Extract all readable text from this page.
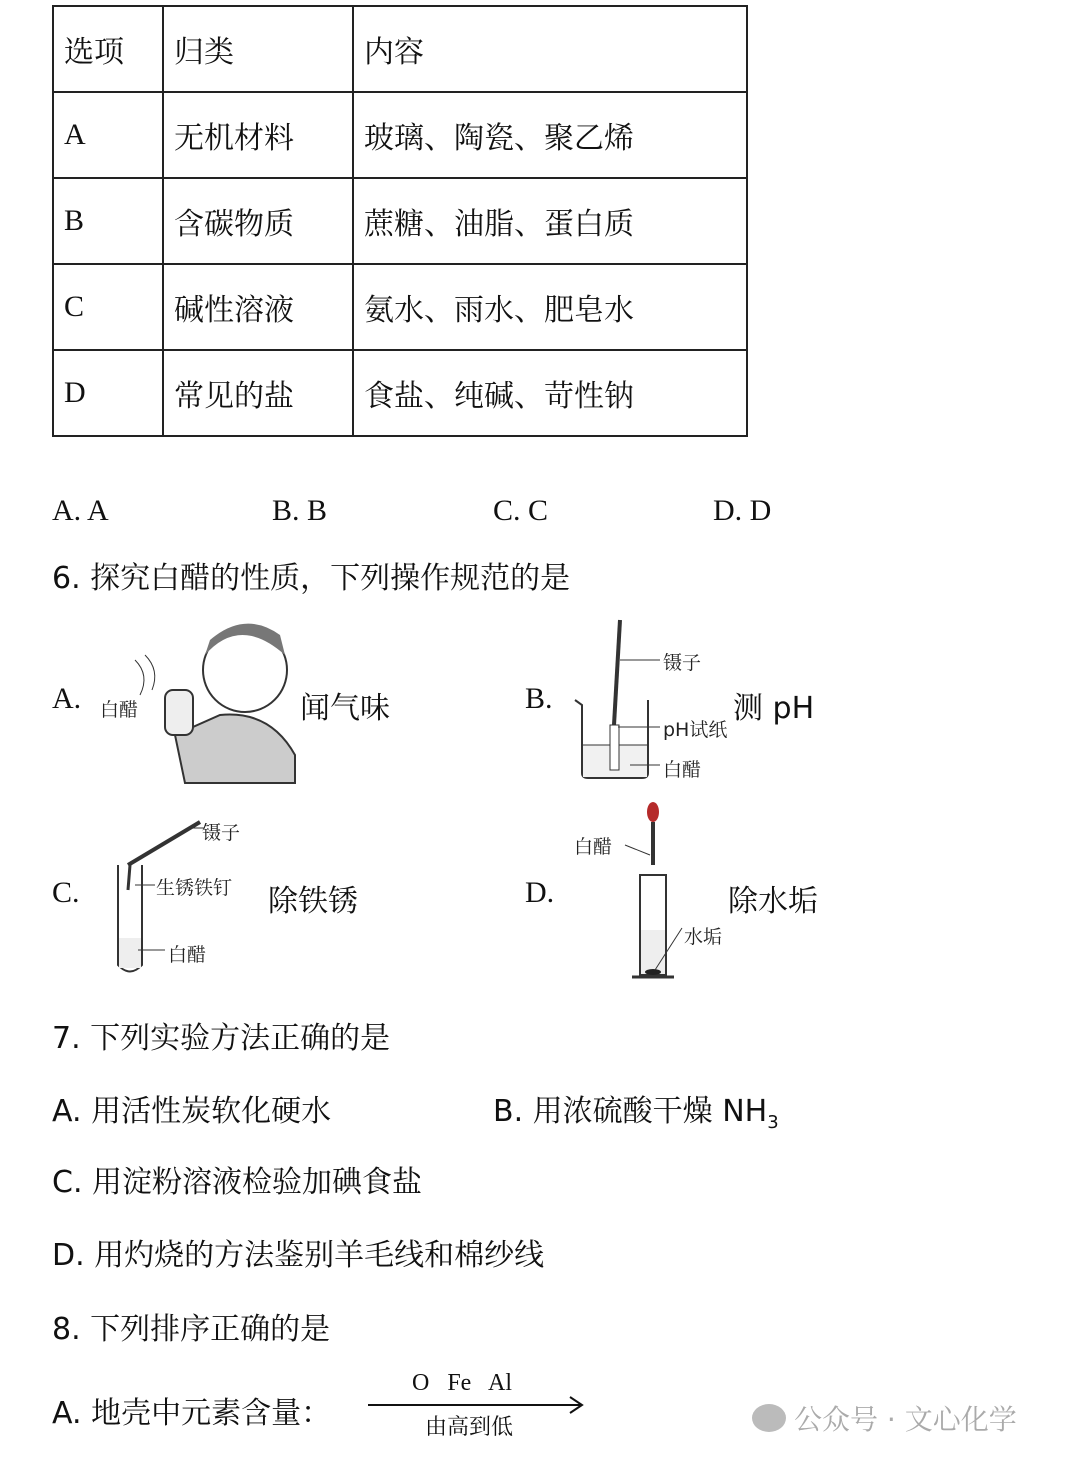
选项	归类	内容
A	无机材料	玻璃、陶瓷、聚乙烯
B	含碳物质	蔗糖、油脂、蛋白质
C	碱性溶液	氨水、雨水、肥皂水
D	常见的盐	食盐、纯碱、苛性钠
A. A	B. B	C. C	D. D
6. 探究白醋的性质，下列操作规范的是
A. 白醋	闻气味	B.
镊子
pH试纸
白醋
测 pH
C.
镊子
生锈铁钉
白醋
除铁锈	D.
白醋
水垢
除水垢
7. 下列实验方法正确的是
A. 用活性炭软化硬水	B. 用浓硫酸干燥 $NH_3$
C. 用淀粉溶液检验加碘食盐
D. 用灼烧的方法鉴别羊毛线和棉纱线
8. 下列排序正确的是
A. 地壳中元素含量：
O   Fe   Al
由高到低	公众号 · 文心化学
